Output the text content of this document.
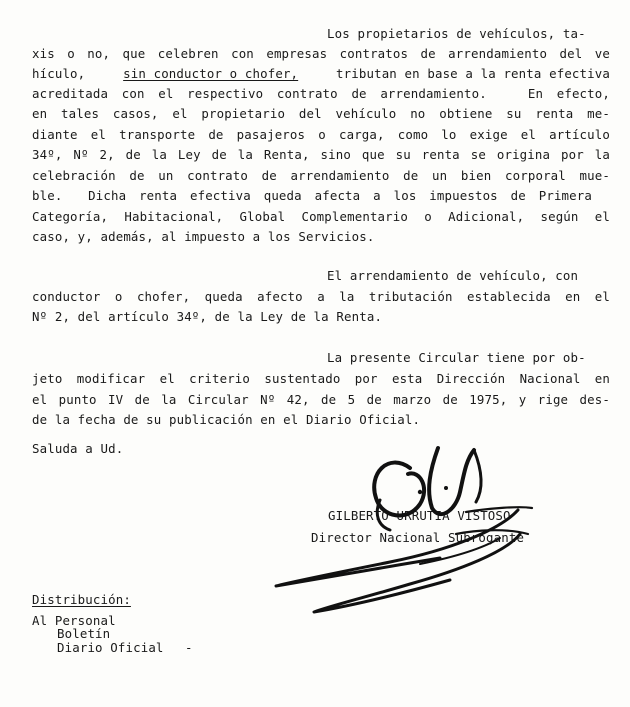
Los propietarios de vehículos, ta-
xis o no, que celebren con empresas contratos de arrendamiento del ve
hículo, sin conductor o chofer, tributan en base a la renta efectiva
acreditada con el respectivo contrato de arrendamiento.   En efecto,
en tales casos, el propietario del vehículo no obtiene su renta me-
diante el transporte de pasajeros o carga, como lo exige el artículo
34º, Nº 2, de la Ley de la Renta, sino que su renta se origina por la
celebración de un contrato de arrendamiento de un bien corporal mue-
ble.  Dicha renta efectiva queda afecta a los impuestos de Primera
Categoría, Habitacional, Global Complementario o Adicional, según el
caso, y, además, al impuesto a los Servicios.
El arrendamiento de vehículo, con
conductor o chofer, queda afecto a la tributación establecida en el
Nº 2, del artículo 34º, de la Ley de la Renta.
La presente Circular tiene por ob-
jeto modificar el criterio sustentado por esta Dirección Nacional en
el punto IV de la Circular Nº 42, de 5 de marzo de 1975, y rige des-
de la fecha de su publicación en el Diario Oficial.
Saluda a Ud.
GILBERTO URRUTIA VISTOSO
Director Nacional Subrogante
Distribución:
Al Personal
Boletín
Diario Oficial -
